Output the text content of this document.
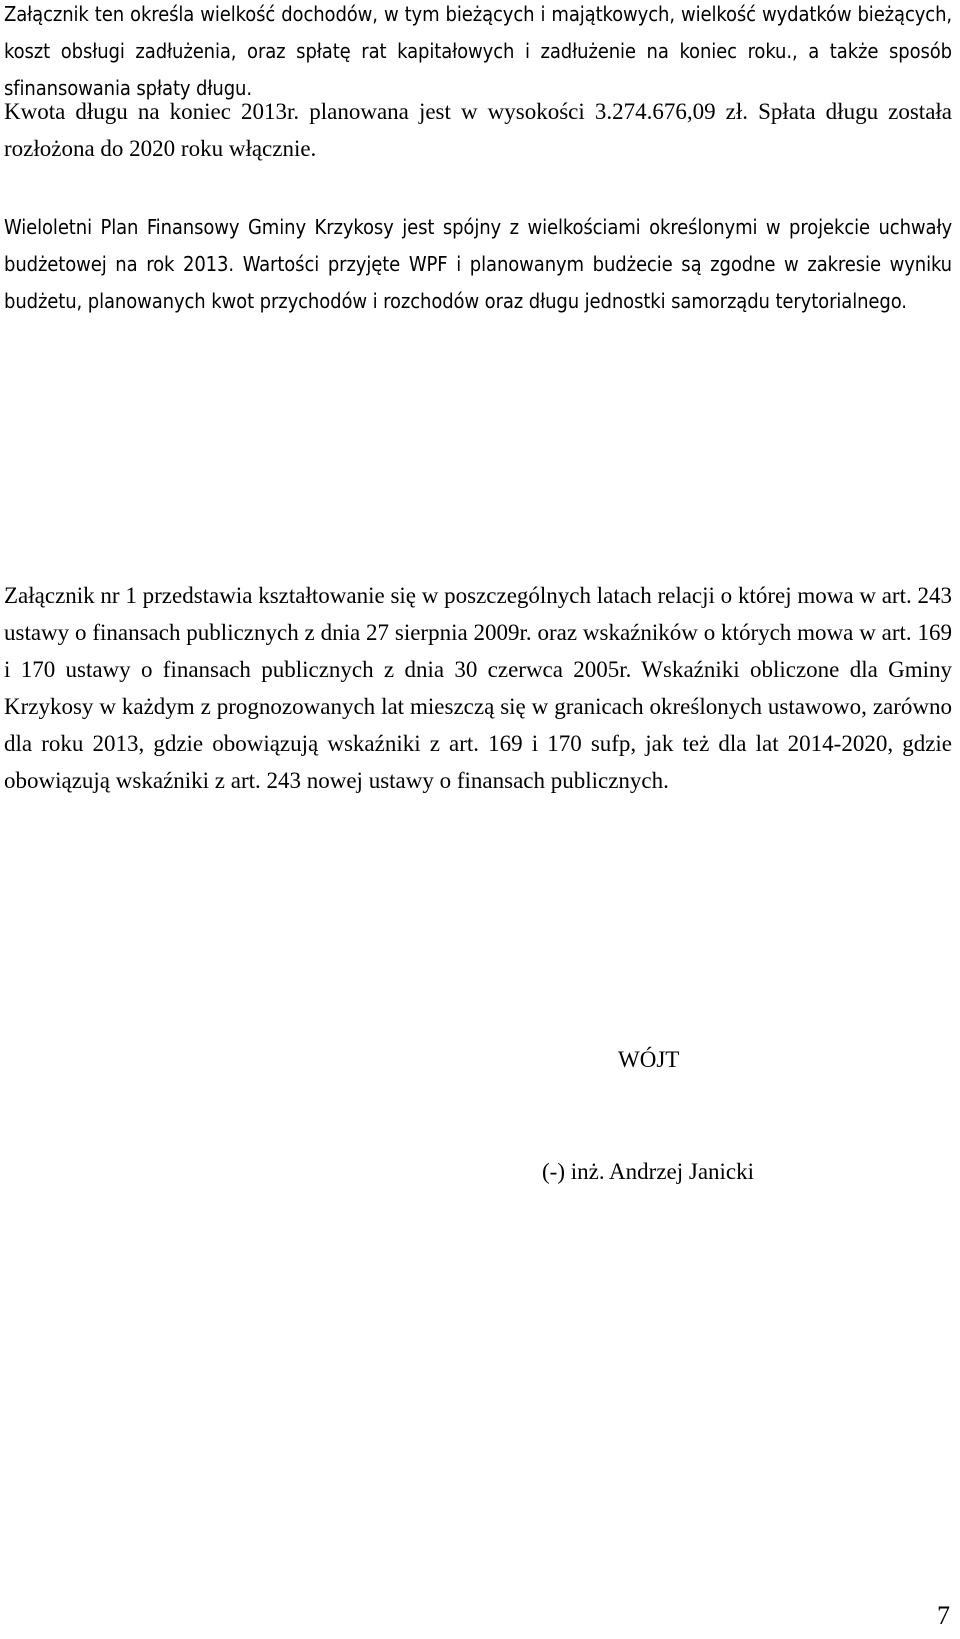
Załącznik ten określa wielkość dochodów, w tym bieżących i majątkowych, wielkość wydatków bieżących, koszt obsługi zadłużenia, oraz spłatę rat kapitałowych i zadłużenie na koniec roku., a także sposób sfinansowania spłaty długu.

Kwota długu na koniec 2013r. planowana jest w wysokości 3.274.676,09 zł. Spłata długu została rozłożona do 2020 roku włącznie.

Wieloletni Plan Finansowy Gminy Krzykosy jest spójny z wielkościami określonymi w projekcie uchwały budżetowej na rok 2013. Wartości przyjęte WPF i planowanym budżecie są zgodne w zakresie wyniku budżetu, planowanych kwot przychodów i rozchodów oraz długu jednostki samorządu terytorialnego.

Załącznik nr 1 przedstawia kształtowanie się w poszczególnych latach relacji o której mowa w art. 243 ustawy o finansach publicznych z dnia 27 sierpnia 2009r. oraz wskaźników o których mowa w art. 169 i 170 ustawy o finansach publicznych z dnia 30 czerwca 2005r. Wskaźniki obliczone dla Gminy Krzykosy w każdym z prognozowanych lat mieszczą się w granicach określonych ustawowo, zarówno dla roku 2013, gdzie obowiązują wskaźniki z art. 169 i 170 sufp, jak też dla lat 2014-2020, gdzie obowiązują wskaźniki z art. 243 nowej ustawy o finansach publicznych.

WÓJT

(-) inż. Andrzej Janicki

7
